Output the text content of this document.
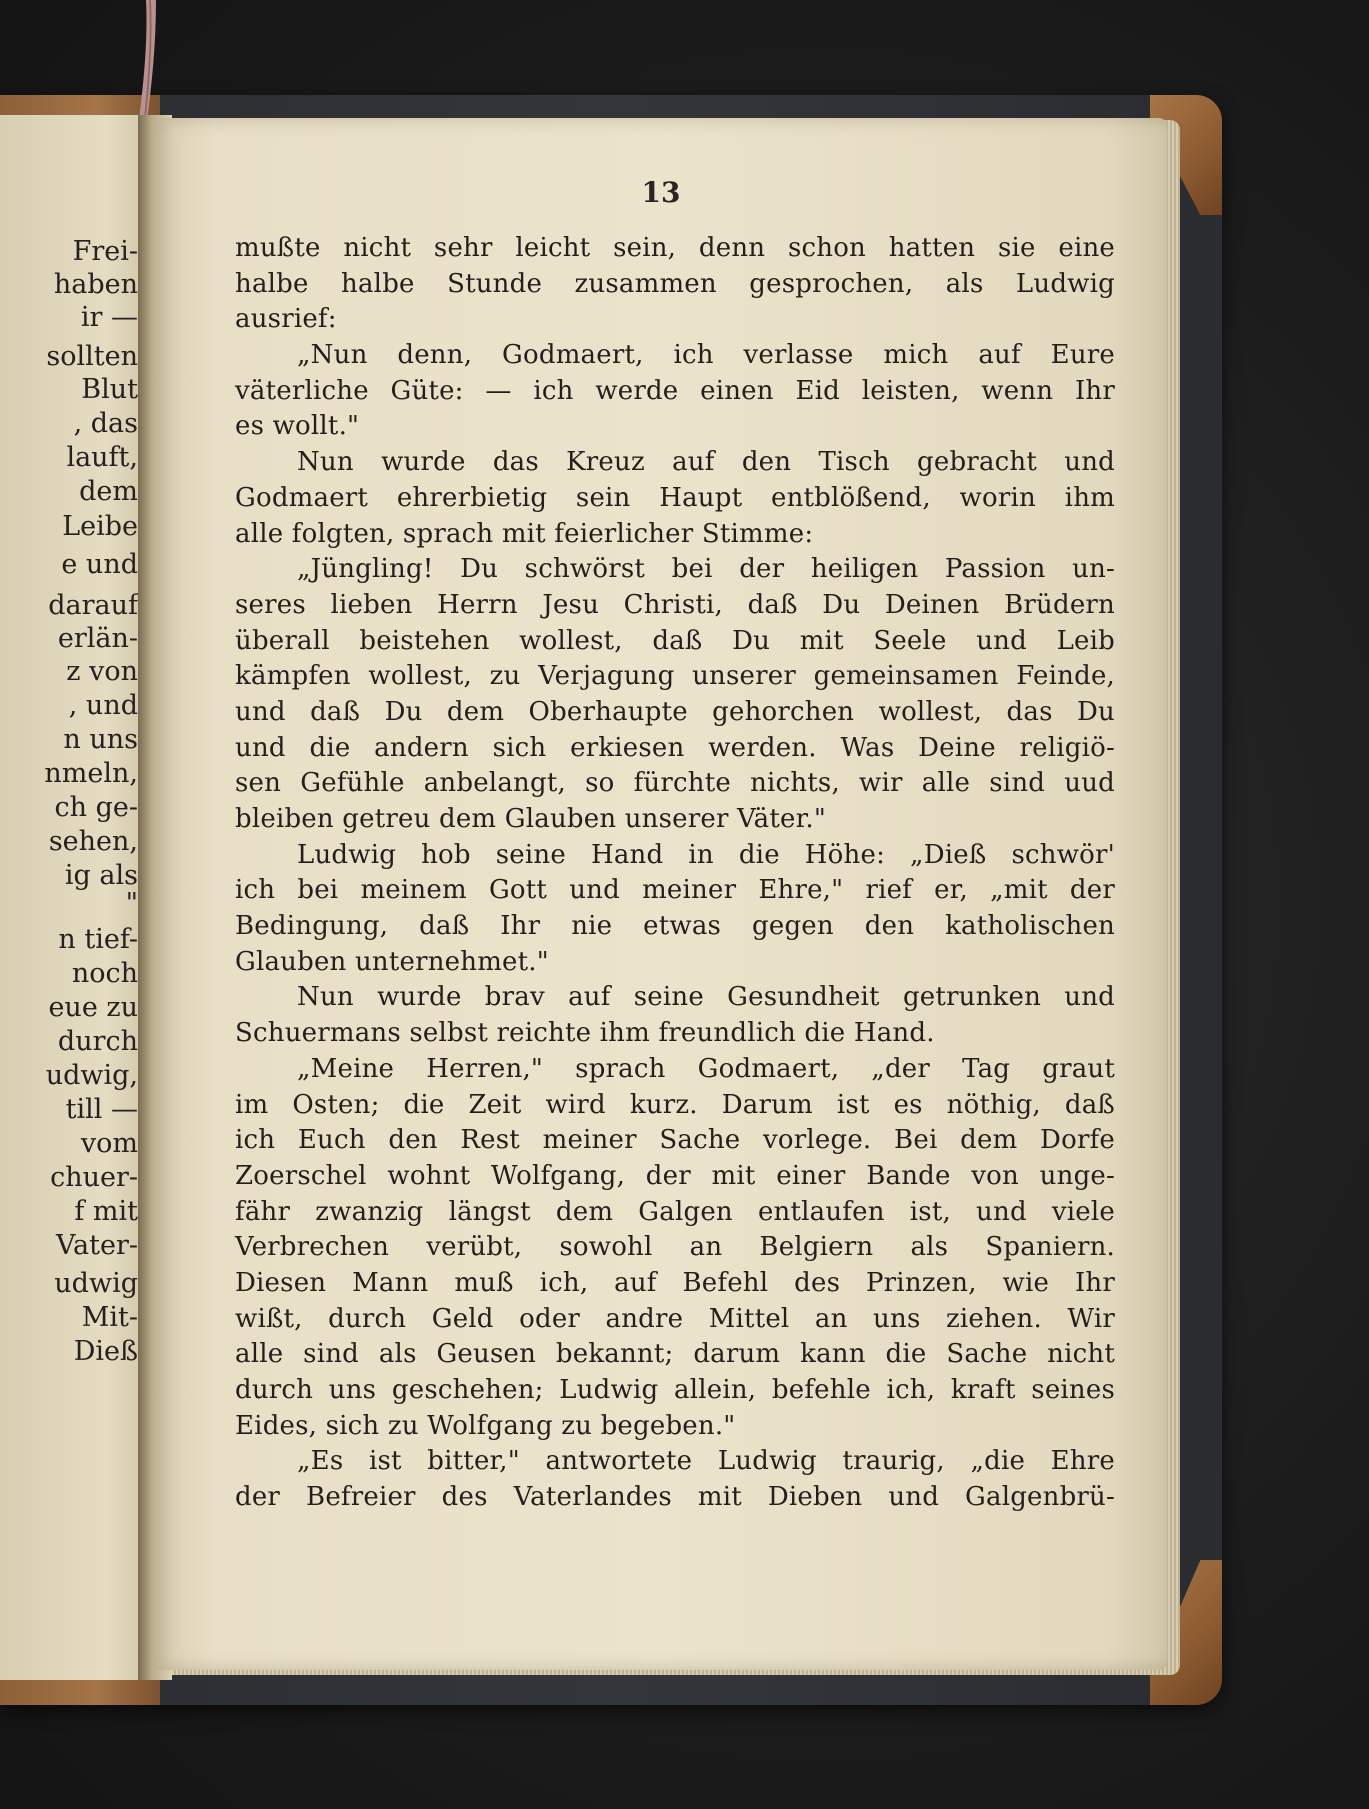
Frei-

haben

ir —

sollten

Blut

, das

lauft,

dem

Leibe

e und

darauf

erlän-

z von

, und

n uns

nmeln,

ch ge-

sehen,

ig als

"

n tief-

noch

eue zu

durch

udwig,

till —

vom

chuer-

f mit

Vater-

udwig

Mit-

Dieß

13

mußte nicht sehr leicht sein, denn schon hatten sie eine
halbe halbe Stunde zusammen gesprochen, als Ludwig
ausrief:
„Nun denn, Godmaert, ich verlasse mich auf Eure
väterliche Güte: — ich werde einen Eid leisten, wenn Ihr
es wollt."
Nun wurde das Kreuz auf den Tisch gebracht und
Godmaert ehrerbietig sein Haupt entblößend, worin ihm
alle folgten, sprach mit feierlicher Stimme:
„Jüngling! Du schwörst bei der heiligen Passion un-
seres lieben Herrn Jesu Christi, daß Du Deinen Brüdern
überall beistehen wollest, daß Du mit Seele und Leib
kämpfen wollest, zu Verjagung unserer gemeinsamen Feinde,
und daß Du dem Oberhaupte gehorchen wollest, das Du
und die andern sich erkiesen werden. Was Deine religiö-
sen Gefühle anbelangt, so fürchte nichts, wir alle sind uud
bleiben getreu dem Glauben unserer Väter."
Ludwig hob seine Hand in die Höhe: „Dieß schwör'
ich bei meinem Gott und meiner Ehre," rief er, „mit der
Bedingung, daß Ihr nie etwas gegen den katholischen
Glauben unternehmet."
Nun wurde brav auf seine Gesundheit getrunken und
Schuermans selbst reichte ihm freundlich die Hand.
„Meine Herren," sprach Godmaert, „der Tag graut
im Osten; die Zeit wird kurz. Darum ist es nöthig, daß
ich Euch den Rest meiner Sache vorlege. Bei dem Dorfe
Zoerschel wohnt Wolfgang, der mit einer Bande von unge-
fähr zwanzig längst dem Galgen entlaufen ist, und viele
Verbrechen verübt, sowohl an Belgiern als Spaniern.
Diesen Mann muß ich, auf Befehl des Prinzen, wie Ihr
wißt, durch Geld oder andre Mittel an uns ziehen. Wir
alle sind als Geusen bekannt; darum kann die Sache nicht
durch uns geschehen; Ludwig allein, befehle ich, kraft seines
Eides, sich zu Wolfgang zu begeben."
„Es ist bitter," antwortete Ludwig traurig, „die Ehre
der Befreier des Vaterlandes mit Dieben und Galgenbrü-
